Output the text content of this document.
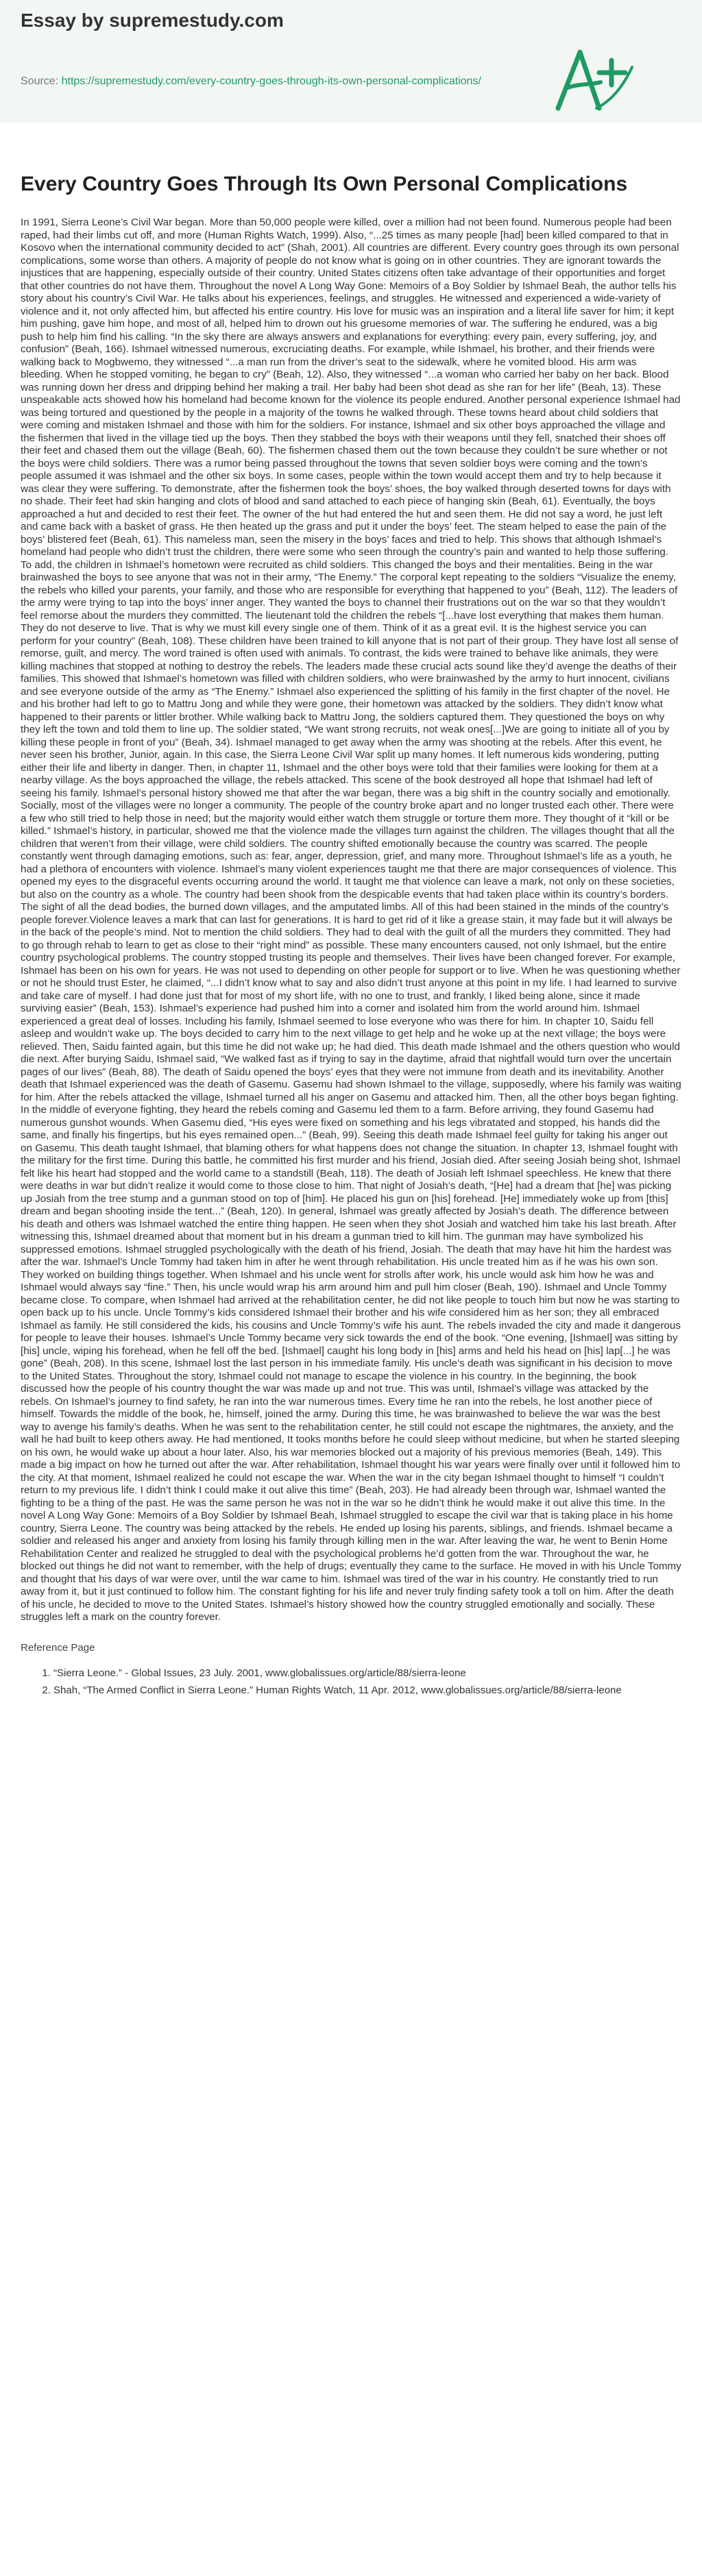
Essay by supremestudy.com
Source: https://supremestudy.com/every-country-goes-through-its-own-personal-complications/
Every Country Goes Through Its Own Personal Complications
In 1991, Sierra Leone’s Civil War began. More than 50,000 people were killed, over a million had not been found. Numerous people had been raped, had their limbs cut off, and more (Human Rights Watch, 1999). Also, “...25 times as many people [had] been killed compared to that in Kosovo when the international community decided to act” (Shah, 2001). All countries are different. Every country goes through its own personal complications, some worse than others. A majority of people do not know what is going on in other countries. They are ignorant towards the injustices that are happening, especially outside of their country. United States citizens often take advantage of their opportunities and forget that other countries do not have them. Throughout the novel A Long Way Gone: Memoirs of a Boy Soldier by Ishmael Beah, the author tells his story about his country’s Civil War. He talks about his experiences, feelings, and struggles. He witnessed and experienced a wide-variety of violence and it, not only affected him, but affected his entire country. His love for music was an inspiration and a literal life saver for him; it kept him pushing, gave him hope, and most of all, helped him to drown out his gruesome memories of war. The suffering he endured, was a big push to help him find his calling. “In the sky there are always answers and explanations for everything: every pain, every suffering, joy, and confusion” (Beah, 166). Ishmael witnessed numerous, excruciating deaths. For example, while Ishmael, his brother, and their friends were walking back to Mogbwemo, they witnessed “...a man run from the driver’s seat to the sidewalk, where he vomited blood. His arm was bleeding. When he stopped vomiting, he began to cry” (Beah, 12). Also, they witnessed “...a woman who carried her baby on her back. Blood was running down her dress and dripping behind her making a trail. Her baby had been shot dead as she ran for her life” (Beah, 13). These unspeakable acts showed how his homeland had become known for the violence its people endured. Another personal experience Ishmael had was being tortured and questioned by the people in a majority of the towns he walked through. These towns heard about child soldiers that were coming and mistaken Ishmael and those with him for the soldiers. For instance, Ishmael and six other boys approached the village and the fishermen that lived in the village tied up the boys. Then they stabbed the boys with their weapons until they fell, snatched their shoes off their feet and chased them out the village (Beah, 60). The fishermen chased them out the town because they couldn’t be sure whether or not the boys were child soldiers. There was a rumor being passed throughout the towns that seven soldier boys were coming and the town’s people assumed it was Ishmael and the other six boys. In some cases, people within the town would accept them and try to help because it was clear they were suffering. To demonstrate, after the fishermen took the boys’ shoes, the boy walked through deserted towns for days with no shade. Their feet had skin hanging and clots of blood and sand attached to each piece of hanging skin (Beah, 61). Eventually, the boys approached a hut and decided to rest their feet. The owner of the hut had entered the hut and seen them. He did not say a word, he just left and came back with a basket of grass. He then heated up the grass and put it under the boys’ feet. The steam helped to ease the pain of the boys’ blistered feet (Beah, 61). This nameless man, seen the misery in the boys’ faces and tried to help. This shows that although Ishmael’s homeland had people who didn’t trust the children, there were some who seen through the country’s pain and wanted to help those suffering. To add, the children in Ishmael’s hometown were recruited as child soldiers. This changed the boys and their mentalities. Being in the war brainwashed the boys to see anyone that was not in their army, “The Enemy.” The corporal kept repeating to the soldiers “Visualize the enemy, the rebels who killed your parents, your family, and those who are responsible for everything that happened to you” (Beah, 112). The leaders of the army were trying to tap into the boys’ inner anger. They wanted the boys to channel their frustrations out on the war so that they wouldn’t feel remorse about the murders they committed. The lieutenant told the children the rebels “[...have lost everything that makes them human. They do not deserve to live. That is why we must kill every single one of them. Think of it as a great evil. It is the highest service you can perform for your country” (Beah, 108). These children have been trained to kill anyone that is not part of their group. They have lost all sense of remorse, guilt, and mercy. The word trained is often used with animals. To contrast, the kids were trained to behave like animals, they were killing machines that stopped at nothing to destroy the rebels. The leaders made these crucial acts sound like they’d avenge the deaths of their families. This showed that Ishmael’s hometown was filled with children soldiers, who were brainwashed by the army to hurt innocent, civilians and see everyone outside of the army as “The Enemy.” Ishmael also experienced the splitting of his family in the first chapter of the novel. He and his brother had left to go to Mattru Jong and while they were gone, their hometown was attacked by the soldiers. They didn’t know what happened to their parents or littler brother. While walking back to Mattru Jong, the soldiers captured them. They questioned the boys on why they left the town and told them to line up. The soldier stated, “We want strong recruits, not weak ones[...]We are going to initiate all of you by killing these people in front of you” (Beah, 34). Ishmael managed to get away when the army was shooting at the rebels. After this event, he never seen his brother, Junior, again. In this case, the Sierra Leone Civil War split up many homes. It left numerous kids wondering, putting either their life and liberty in danger. Then, in chapter 11, Ishmael and the other boys were told that their families were looking for them at a nearby village. As the boys approached the village, the rebels attacked. This scene of the book destroyed all hope that Ishmael had left of seeing his family. Ishmael’s personal history showed me that after the war began, there was a big shift in the country socially and emotionally. Socially, most of the villages were no longer a community. The people of the country broke apart and no longer trusted each other. There were a few who still tried to help those in need; but the majority would either watch them struggle or torture them more. They thought of it “kill or be killed.” Ishmael’s history, in particular, showed me that the violence made the villages turn against the children. The villages thought that all the children that weren’t from their village, were child soldiers. The country shifted emotionally because the country was scarred. The people constantly went through damaging emotions, such as: fear, anger, depression, grief, and many more. Throughout Ishmael’s life as a youth, he had a plethora of encounters with violence. Ishmael’s many violent experiences taught me that there are major consequences of violence. This opened my eyes to the disgraceful events occurring around the world. It taught me that violence can leave a mark, not only on these societies, but also on the country as a whole. The country had been shook from the despicable events that had taken place within its country’s borders. The sight of all the dead bodies, the burned down villages, and the amputated limbs. All of this had been stained in the minds of the country’s people forever.Violence leaves a mark that can last for generations. It is hard to get rid of it like a grease stain, it may fade but it will always be in the back of the people’s mind. Not to mention the child soldiers. They had to deal with the guilt of all the murders they committed. They had to go through rehab to learn to get as close to their “right mind” as possible. These many encounters caused, not only Ishmael, but the entire country psychological problems. The country stopped trusting its people and themselves. Their lives have been changed forever. For example, Ishmael has been on his own for years. He was not used to depending on other people for support or to live. When he was questioning whether or not he should trust Ester, he claimed, “...I didn’t know what to say and also didn’t trust anyone at this point in my life. I had learned to survive and take care of myself. I had done just that for most of my short life, with no one to trust, and frankly, I liked being alone, since it made surviving easier” (Beah, 153). Ishmael’s experience had pushed him into a corner and isolated him from the world around him. Ishmael experienced a great deal of losses. Including his family, Ishmael seemed to lose everyone who was there for him. In chapter 10, Saidu fell asleep and wouldn’t wake up. The boys decided to carry him to the next village to get help and he woke up at the next village; the boys were relieved. Then, Saidu fainted again, but this time he did not wake up; he had died. This death made Ishmael and the others question who would die next. After burying Saidu, Ishmael said, “We walked fast as if trying to say in the daytime, afraid that nightfall would turn over the uncertain pages of our lives” (Beah, 88). The death of Saidu opened the boys’ eyes that they were not immune from death and its inevitability. Another death that Ishmael experienced was the death of Gasemu. Gasemu had shown Ishmael to the village, supposedly, where his family was waiting for him. After the rebels attacked the village, Ishmael turned all his anger on Gasemu and attacked him. Then, all the other boys began fighting. In the middle of everyone fighting, they heard the rebels coming and Gasemu led them to a farm. Before arriving, they found Gasemu had numerous gunshot wounds. When Gasemu died, “His eyes were fixed on something and his legs vibratated and stopped, his hands did the same, and finally his fingertips, but his eyes remained open...” (Beah, 99). Seeing this death made Ishmael feel guilty for taking his anger out on Gasemu. This death taught Ishmael, that blaming others for what happens does not change the situation. In chapter 13, Ishmael fought with the military for the first time. During this battle, he committed his first murder and his friend, Josiah died. After seeing Josiah being shot, Ishmael felt like his heart had stopped and the world came to a standstill (Beah, 118). The death of Josiah left Ishmael speechless. He knew that there were deaths in war but didn’t realize it would come to those close to him. That night of Josiah’s death, “[He] had a dream that [he] was picking up Josiah from the tree stump and a gunman stood on top of [him]. He placed his gun on [his] forehead. [He] immediately woke up from [this] dream and began shooting inside the tent...” (Beah, 120). In general, Ishmael was greatly affected by Josiah’s death. The difference between his death and others was Ishmael watched the entire thing happen. He seen when they shot Josiah and watched him take his last breath. After witnessing this, Ishmael dreamed about that moment but in his dream a gunman tried to kill him. The gunman may have symbolized his suppressed emotions. Ishmael struggled psychologically with the death of his friend, Josiah. The death that may have hit him the hardest was after the war. Ishmael’s Uncle Tommy had taken him in after he went through rehabilitation. His uncle treated him as if he was his own son. They worked on building things together. When Ishmael and his uncle went for strolls after work, his uncle would ask him how he was and Ishmael would always say “fine.” Then, his uncle would wrap his arm around him and pull him closer (Beah, 190). Ishmael and Uncle Tommy became close. To compare, when Ishmael had arrived at the rehabilitation center, he did not like people to touch him but now he was starting to open back up to his uncle. Uncle Tommy’s kids considered Ishmael their brother and his wife considered him as her son; they all embraced Ishmael as family. He still considered the kids, his cousins and Uncle Tommy’s wife his aunt. The rebels invaded the city and made it dangerous for people to leave their houses. Ishmael’s Uncle Tommy became very sick towards the end of the book. “One evening, [Ishmael] was sitting by [his] uncle, wiping his forehead, when he fell off the bed. [Ishmael] caught his long body in [his] arms and held his head on [his] lap[...] he was gone” (Beah, 208). In this scene, Ishmael lost the last person in his immediate family. His uncle’s death was significant in his decision to move to the United States. Throughout the story, Ishmael could not manage to escape the violence in his country. In the beginning, the book discussed how the people of his country thought the war was made up and not true. This was until, Ishmael’s village was attacked by the rebels. On Ishmael’s journey to find safety, he ran into the war numerous times. Every time he ran into the rebels, he lost another piece of himself. Towards the middle of the book, he, himself, joined the army. During this time, he was brainwashed to believe the war was the best way to avenge his family’s deaths. When he was sent to the rehabilitation center, he still could not escape the nightmares, the anxiety, and the wall he had built to keep others away. He had mentioned, It tooks months before he could sleep without medicine, but when he started sleeping on his own, he would wake up about a hour later. Also, his war memories blocked out a majority of his previous memories (Beah, 149). This made a big impact on how he turned out after the war. After rehabilitation, Ishmael thought his war years were finally over until it followed him to the city. At that moment, Ishmael realized he could not escape the war. When the war in the city began Ishmael thought to himself “I couldn’t return to my previous life. I didn’t think I could make it out alive this time” (Beah, 203). He had already been through war, Ishmael wanted the fighting to be a thing of the past. He was the same person he was not in the war so he didn’t think he would make it out alive this time. In the novel A Long Way Gone: Memoirs of a Boy Soldier by Ishmael Beah, Ishmael struggled to escape the civil war that is taking place in his home country, Sierra Leone. The country was being attacked by the rebels. He ended up losing his parents, siblings, and friends. Ishmael became a soldier and released his anger and anxiety from losing his family through killing men in the war. After leaving the war, he went to Benin Home Rehabilitation Center and realized he struggled to deal with the psychological problems he’d gotten from the war. Throughout the war, he blocked out things he did not want to remember, with the help of drugs; eventually they came to the surface. He moved in with his Uncle Tommy and thought that his days of war were over, until the war came to him. Ishmael was tired of the war in his country. He constantly tried to run away from it, but it just continued to follow him. The constant fighting for his life and never truly finding safety took a toll on him. After the death of his uncle, he decided to move to the United States. Ishmael’s history showed how the country struggled emotionally and socially. These struggles left a mark on the country forever.
Reference Page
1. “Sierra Leone.” - Global Issues, 23 July. 2001, www.globalissues.org/article/88/sierra-leone
2. Shah, “The Armed Conflict in Sierra Leone.” Human Rights Watch, 11 Apr. 2012, www.globalissues.org/article/88/sierra-leone
